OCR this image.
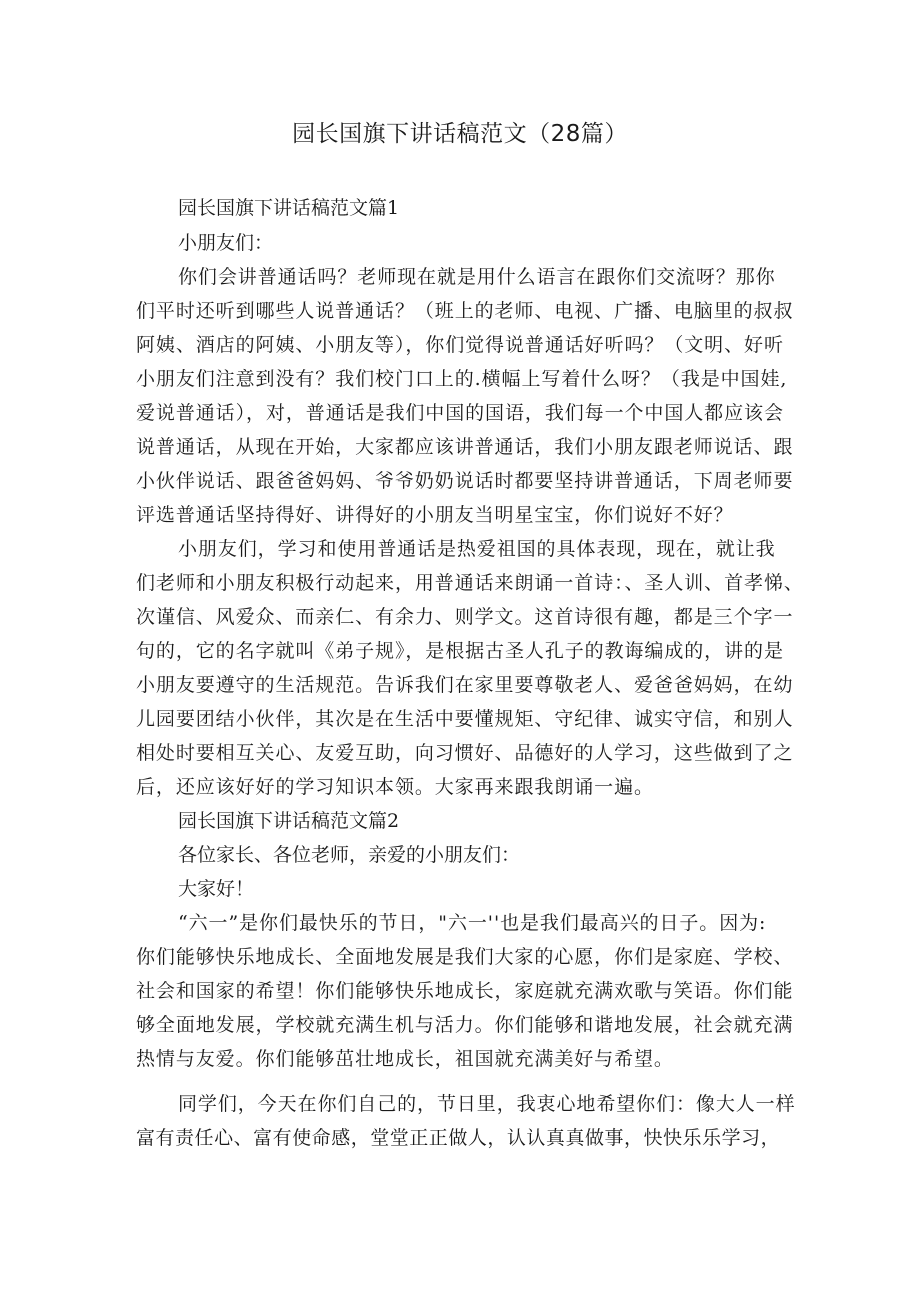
园长国旗下讲话稿范文（28篇）
园长国旗下讲话稿范文篇1
小朋友们：
你们会讲普通话吗？老师现在就是用什么语言在跟你们交流呀？那你
们平时还听到哪些人说普通话？（班上的老师、电视、广播、电脑里的叔叔
阿姨、酒店的阿姨、小朋友等），你们觉得说普通话好听吗？（文明、好听
小朋友们注意到没有？我们校门口上的.横幅上写着什么呀？（我是中国娃,
爱说普通话），对，普通话是我们中国的国语，我们每一个中国人都应该会
说普通话，从现在开始，大家都应该讲普通话，我们小朋友跟老师说话、跟
小伙伴说话、跟爸爸妈妈、爷爷奶奶说话时都要坚持讲普通话，下周老师要
评选普通话坚持得好、讲得好的小朋友当明星宝宝，你们说好不好？
小朋友们，学习和使用普通话是热爱祖国的具体表现，现在，就让我
们老师和小朋友积极行动起来，用普通话来朗诵一首诗：、圣人训、首孝悌、
次谨信、风爱众、而亲仁、有余力、则学文。这首诗很有趣，都是三个字一
句的，它的名字就叫《弟子规》，是根据古圣人孔子的教诲编成的，讲的是
小朋友要遵守的生活规范。告诉我们在家里要尊敬老人、爱爸爸妈妈，在幼
儿园要团结小伙伴，其次是在生活中要懂规矩、守纪律、诚实守信，和别人
相处时要相互关心、友爱互助，向习惯好、品德好的人学习，这些做到了之
后，还应该好好的学习知识本领。大家再来跟我朗诵一遍。
园长国旗下讲话稿范文篇2
各位家长、各位老师，亲爱的小朋友们：
大家好！
“六一”是你们最快乐的节日，"六一''也是我们最高兴的日子。因为:
你们能够快乐地成长、全面地发展是我们大家的心愿，你们是家庭、学校、
社会和国家的希望！你们能够快乐地成长，家庭就充满欢歌与笑语。你们能
够全面地发展，学校就充满生机与活力。你们能够和谐地发展，社会就充满
热情与友爱。你们能够茁壮地成长，祖国就充满美好与希望。
同学们，今天在你们自己的，节日里，我衷心地希望你们：像大人一样
富有责任心、富有使命感，堂堂正正做人，认认真真做事，快快乐乐学习，
